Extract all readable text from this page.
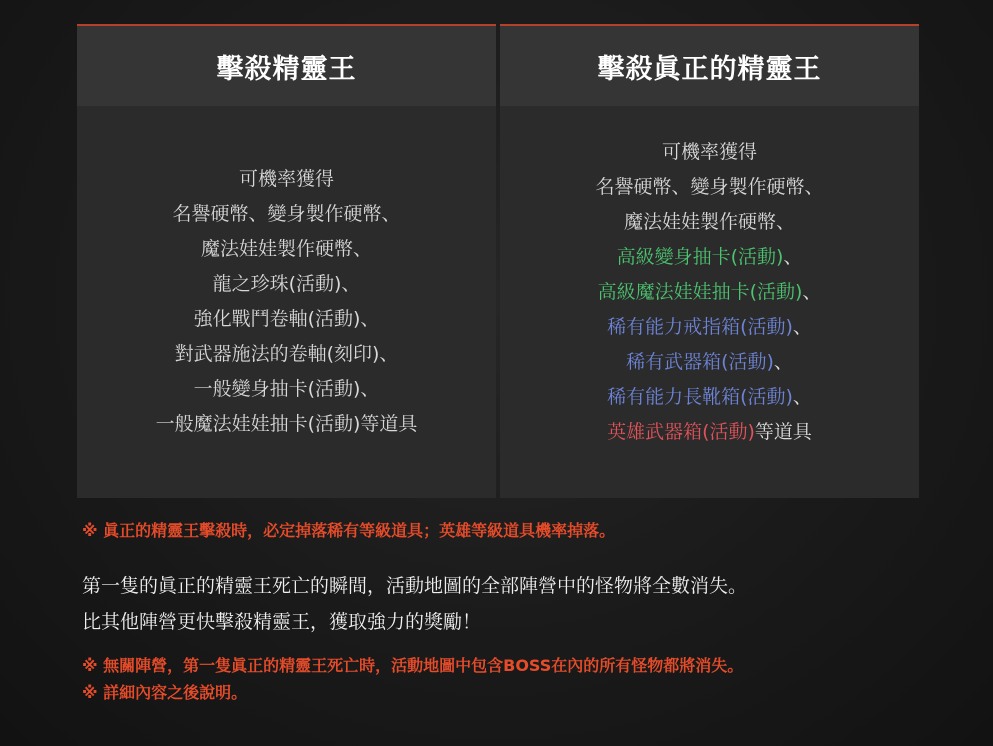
擊殺精靈王
可機率獲得
名譽硬幣、變身製作硬幣、
魔法娃娃製作硬幣、
龍之珍珠(活動)、
強化戰鬥卷軸(活動)、
對武器施法的卷軸(刻印)、
一般變身抽卡(活動)、
一般魔法娃娃抽卡(活動)等道具
擊殺眞正的精靈王
可機率獲得
名譽硬幣、變身製作硬幣、
魔法娃娃製作硬幣、
高級變身抽卡(活動)、
高級魔法娃娃抽卡(活動)、
稀有能力戒指箱(活動)、
稀有武器箱(活動)、
稀有能力長靴箱(活動)、
英雄武器箱(活動)等道具
※ 眞正的精靈王擊殺時，必定掉落稀有等級道具；英雄等級道具機率掉落。
第一隻的眞正的精靈王死亡的瞬間，活動地圖的全部陣營中的怪物將全數消失。
比其他陣營更快擊殺精靈王，獲取強力的獎勵！
※ 無關陣營，第一隻眞正的精靈王死亡時，活動地圖中包含BOSS在內的所有怪物都將消失。
※ 詳細內容之後說明。
